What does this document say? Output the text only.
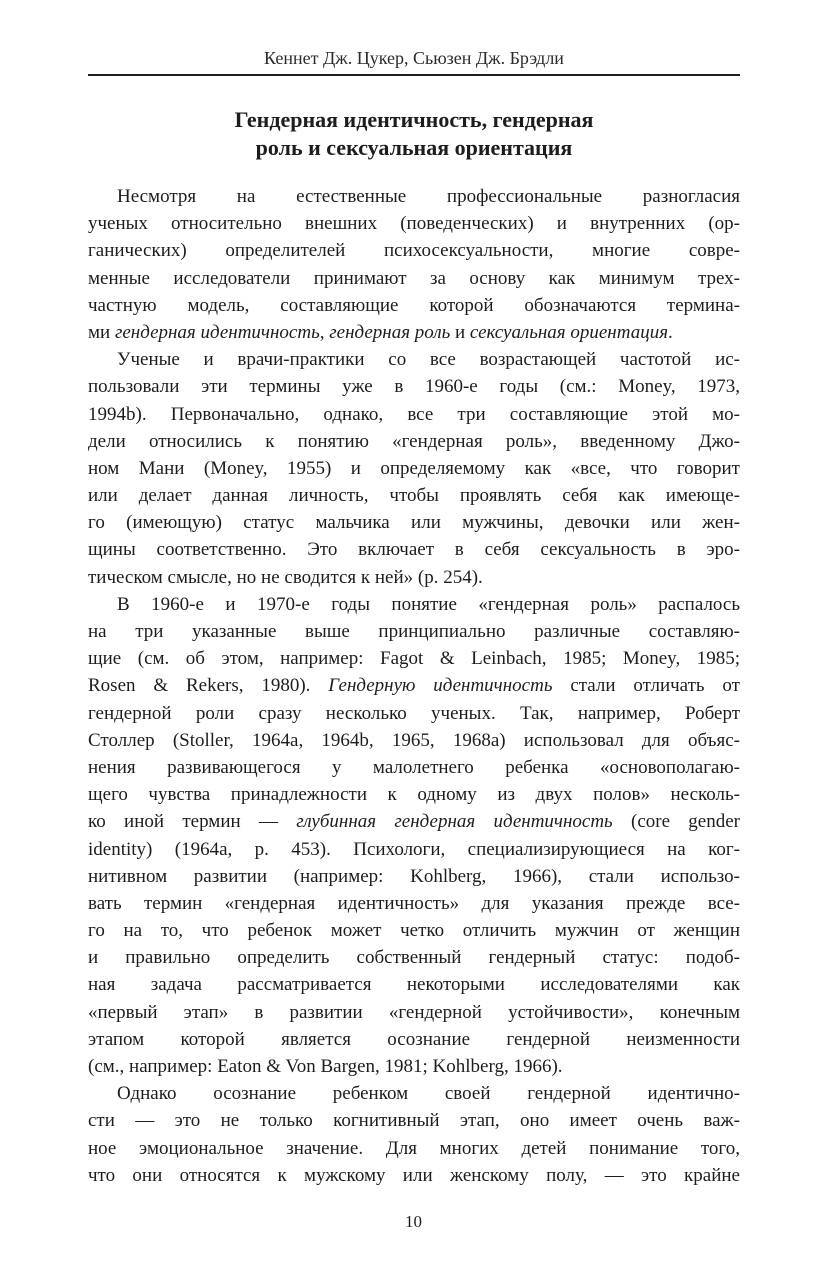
Кеннет Дж. Цукер, Сьюзен Дж. Брэдли
Гендерная идентичность, гендерная
роль и сексуальная ориентация
Несмотря на естественные профессиональные разногласия
ученых относительно внешних (поведенческих) и внутренних (ор-
ганических) определителей психосексуальности, многие совре-
менные исследователи принимают за основу как минимум трех-
частную модель, составляющие которой обозначаются термина-
ми гендерная идентичность, гендерная роль и сексуальная ориентация.
Ученые и врачи-практики со все возрастающей частотой ис-
пользовали эти термины уже в 1960-е годы (см.: Money, 1973,
1994b). Первоначально, однако, все три составляющие этой мо-
дели относились к понятию «гендерная роль», введенному Джо-
ном Мани (Money, 1955) и определяемому как «все, что говорит
или делает данная личность, чтобы проявлять себя как имеюще-
го (имеющую) статус мальчика или мужчины, девочки или жен-
щины соответственно. Это включает в себя сексуальность в эро-
тическом смысле, но не сводится к ней» (p. 254).
В 1960-е и 1970-е годы понятие «гендерная роль» распалось
на три указанные выше принципиально различные составляю-
щие (см. об этом, например: Fagot & Leinbach, 1985; Money, 1985;
Rosen & Rekers, 1980). Гендерную идентичность стали отличать от
гендерной роли сразу несколько ученых. Так, например, Роберт
Столлер (Stoller, 1964a, 1964b, 1965, 1968a) использовал для объяс-
нения развивающегося у малолетнего ребенка «основополагаю-
щего чувства принадлежности к одному из двух полов» несколь-
ко иной термин — глубинная гендерная идентичность (core gender
identity) (1964a, p. 453). Психологи, специализирующиеся на ког-
нитивном развитии (например: Kohlberg, 1966), стали использо-
вать термин «гендерная идентичность» для указания прежде все-
го на то, что ребенок может четко отличить мужчин от женщин
и правильно определить собственный гендерный статус: подоб-
ная задача рассматривается некоторыми исследователями как
«первый этап» в развитии «гендерной устойчивости», конечным
этапом которой является осознание гендерной неизменности
(см., например: Eaton & Von Bargen, 1981; Kohlberg, 1966).
Однако осознание ребенком своей гендерной идентично-
сти — это не только когнитивный этап, оно имеет очень важ-
ное эмоциональное значение. Для многих детей понимание того,
что они относятся к мужскому или женскому полу, — это крайне
10
